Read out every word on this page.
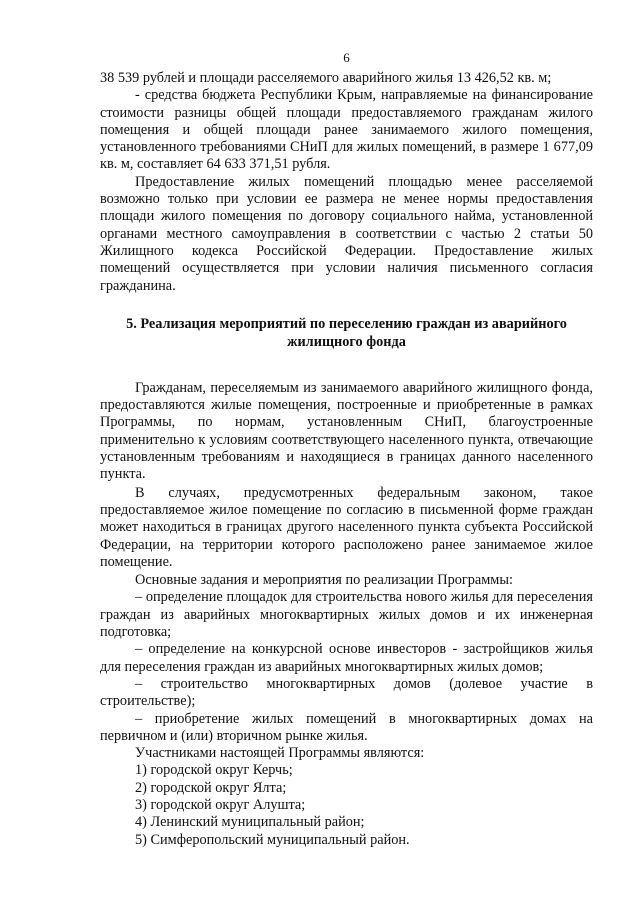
6

38 539 рублей и площади расселяемого аварийного жилья 13 426,52 кв. м;

- средства бюджета Республики Крым, направляемые на финансирование стоимости разницы общей площади предоставляемого гражданам жилого помещения и общей площади ранее занимаемого жилого помещения, установленного требованиями СНиП для жилых помещений, в размере 1 677,09 кв. м, составляет 64 633 371,51 рубля.

Предоставление жилых помещений площадью менее расселяемой возможно только при условии ее размера не менее нормы предоставления площади жилого помещения по договору социального найма, установленной органами местного самоуправления в соответствии с частью 2 статьи 50 Жилищного кодекса Российской Федерации. Предоставление жилых помещений осуществляется при условии наличия письменного согласия гражданина.

5. Реализация мероприятий по переселению граждан из аварийного
жилищного фонда

Гражданам, переселяемым из занимаемого аварийного жилищного фонда, предоставляются жилые помещения, построенные и приобретенные в рамках Программы, по нормам, установленным СНиП, благоустроенные применительно к условиям соответствующего населенного пункта, отвечающие установленным требованиям и находящиеся в границах данного населенного пункта.

В случаях, предусмотренных федеральным законом, такое предоставляемое жилое помещение по согласию в письменной форме граждан может находиться в границах другого населенного пункта субъекта Российской Федерации, на территории которого расположено ранее занимаемое жилое помещение.

Основные задания и мероприятия по реализации Программы:

– определение площадок для строительства нового жилья для переселения граждан из аварийных многоквартирных жилых домов и их инженерная подготовка;

– определение на конкурсной основе инвесторов - застройщиков жилья для переселения граждан из аварийных многоквартирных жилых домов;

– строительство многоквартирных домов (долевое участие в строительстве);

– приобретение жилых помещений в многоквартирных домах на первичном и (или) вторичном рынке жилья.

Участниками настоящей Программы являются:

1) городской округ Керчь;

2) городской округ Ялта;

3) городской округ Алушта;

4) Ленинский муниципальный район;

5) Симферопольский муниципальный район.
